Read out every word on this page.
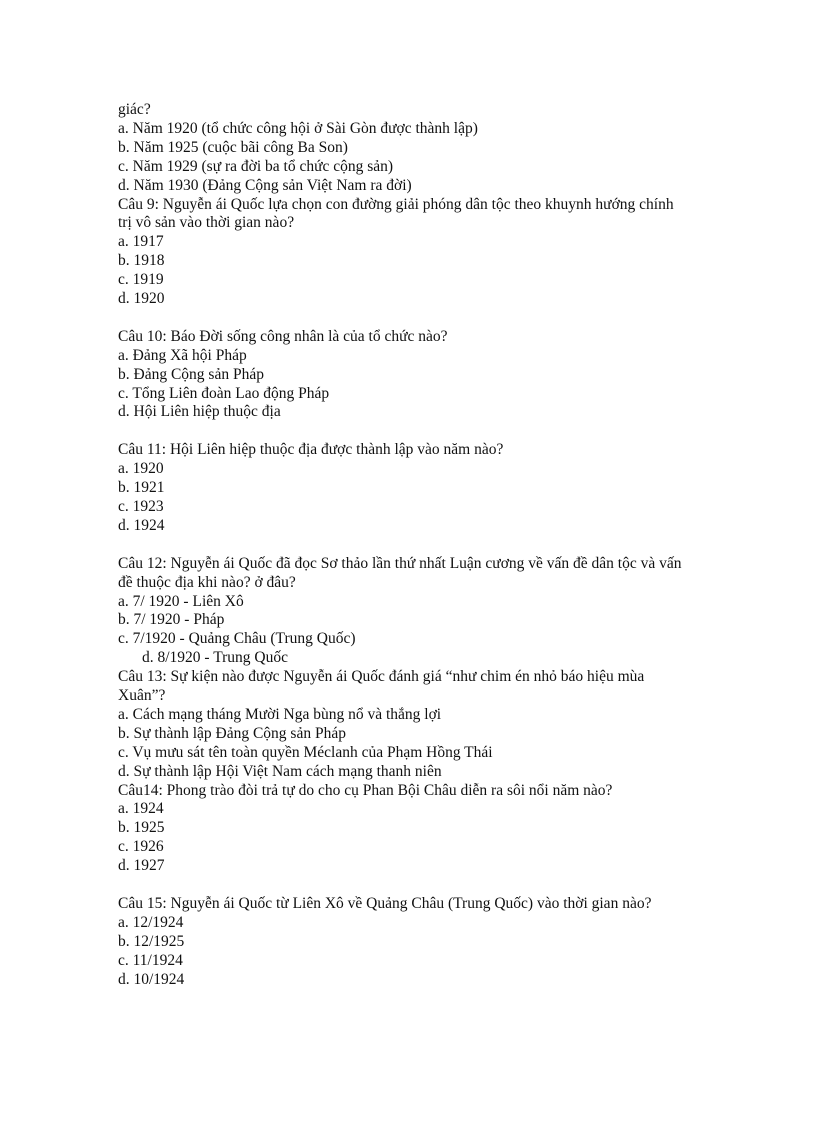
giác?
a. Năm 1920 (tổ chức công hội ở Sài Gòn được thành lập)
b. Năm 1925 (cuộc bãi công Ba Son)
c. Năm 1929 (sự ra đời ba tổ chức cộng sản)
d. Năm 1930 (Đảng Cộng sản Việt Nam ra đời)
Câu 9: Nguyễn ái Quốc lựa chọn con đường giải phóng dân tộc theo khuynh hướng chính
trị vô sản vào thời gian nào?
a. 1917
b. 1918
c. 1919
d. 1920
Câu 10: Báo Đời sống công nhân là của tổ chức nào?
a. Đảng Xã hội Pháp
b. Đảng Cộng sản Pháp
c. Tổng Liên đoàn Lao động Pháp
d. Hội Liên hiệp thuộc địa
Câu 11: Hội Liên hiệp thuộc địa được thành lập vào năm nào?
a. 1920
b. 1921
c. 1923
d. 1924
Câu 12: Nguyễn ái Quốc đã đọc Sơ thảo lần thứ nhất Luận cương về vấn đề dân tộc và vấn
đề thuộc địa khi nào? ở đâu?
a. 7/ 1920 - Liên Xô
b. 7/ 1920 - Pháp
c. 7/1920 - Quảng Châu (Trung Quốc)
d. 8/1920 - Trung Quốc
Câu 13: Sự kiện nào được Nguyễn ái Quốc đánh giá “như chim én nhỏ báo hiệu mùa
Xuân”?
a. Cách mạng tháng Mười Nga bùng nổ và thắng lợi
b. Sự thành lập Đảng Cộng sản Pháp
c. Vụ mưu sát tên toàn quyền Méclanh của Phạm Hồng Thái
d. Sự thành lập Hội Việt Nam cách mạng thanh niên
Câu14: Phong trào đòi trả tự do cho cụ Phan Bội Châu diễn ra sôi nổi năm nào?
a. 1924
b. 1925
c. 1926
d. 1927
Câu 15: Nguyễn ái Quốc từ Liên Xô về Quảng Châu (Trung Quốc) vào thời gian nào?
a. 12/1924
b. 12/1925
c. 11/1924
d. 10/1924
